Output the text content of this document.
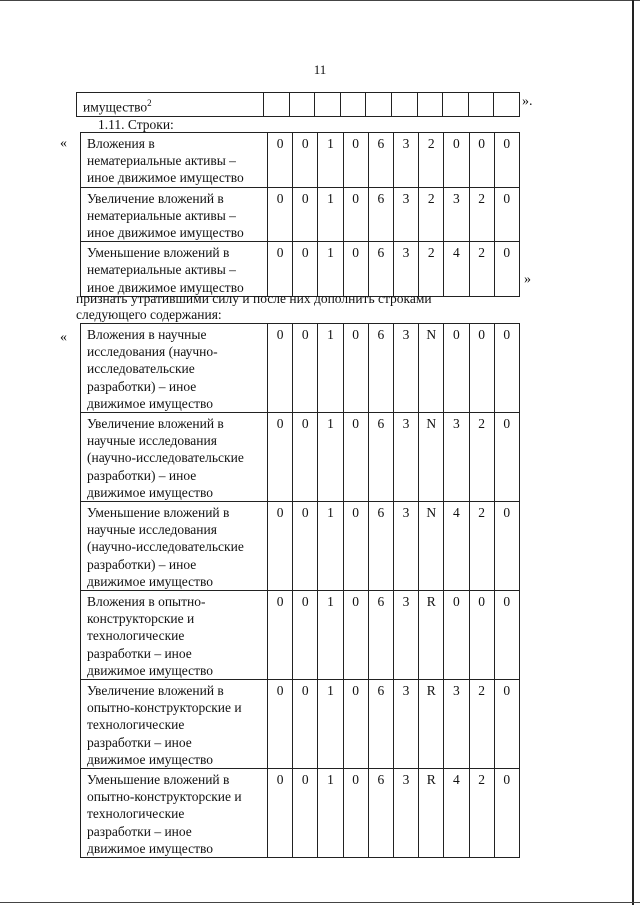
11
имущество$^2$											».
1.11. Строки:
« Вложения в
нематериальные активы –
иное движимое имущество	0	0	1	0	6	3	2	0	0	0

Увеличение вложений в
нематериальные активы –
иное движимое имущество	0	0	1	0	6	3	2	3	2	0

Уменьшение вложений в
нематериальные активы –
иное движимое имущество	0	0	1	0	6	3	2	4	2	0
»
признать утратившими силу и после них дополнить строками
следующего содержания:
« Вложения в научные
исследования (научно-
исследовательские
разработки) – иное
движимое имущество	0	0	1	0	6	3	N	0	0	0

Увеличение вложений в
научные исследования
(научно-исследовательские
разработки) – иное
движимое имущество	0	0	1	0	6	3	N	3	2	0

Уменьшение вложений в
научные исследования
(научно-исследовательские
разработки) – иное
движимое имущество	0	0	1	0	6	3	N	4	2	0

Вложения в опытно-
конструкторские и
технологические
разработки – иное
движимое имущество	0	0	1	0	6	3	R	0	0	0

Увеличение вложений в
опытно-конструкторские и
технологические
разработки – иное
движимое имущество	0	0	1	0	6	3	R	3	2	0

Уменьшение вложений в
опытно-конструкторские и
технологические
разработки – иное
движимое имущество	0	0	1	0	6	3	R	4	2	0
